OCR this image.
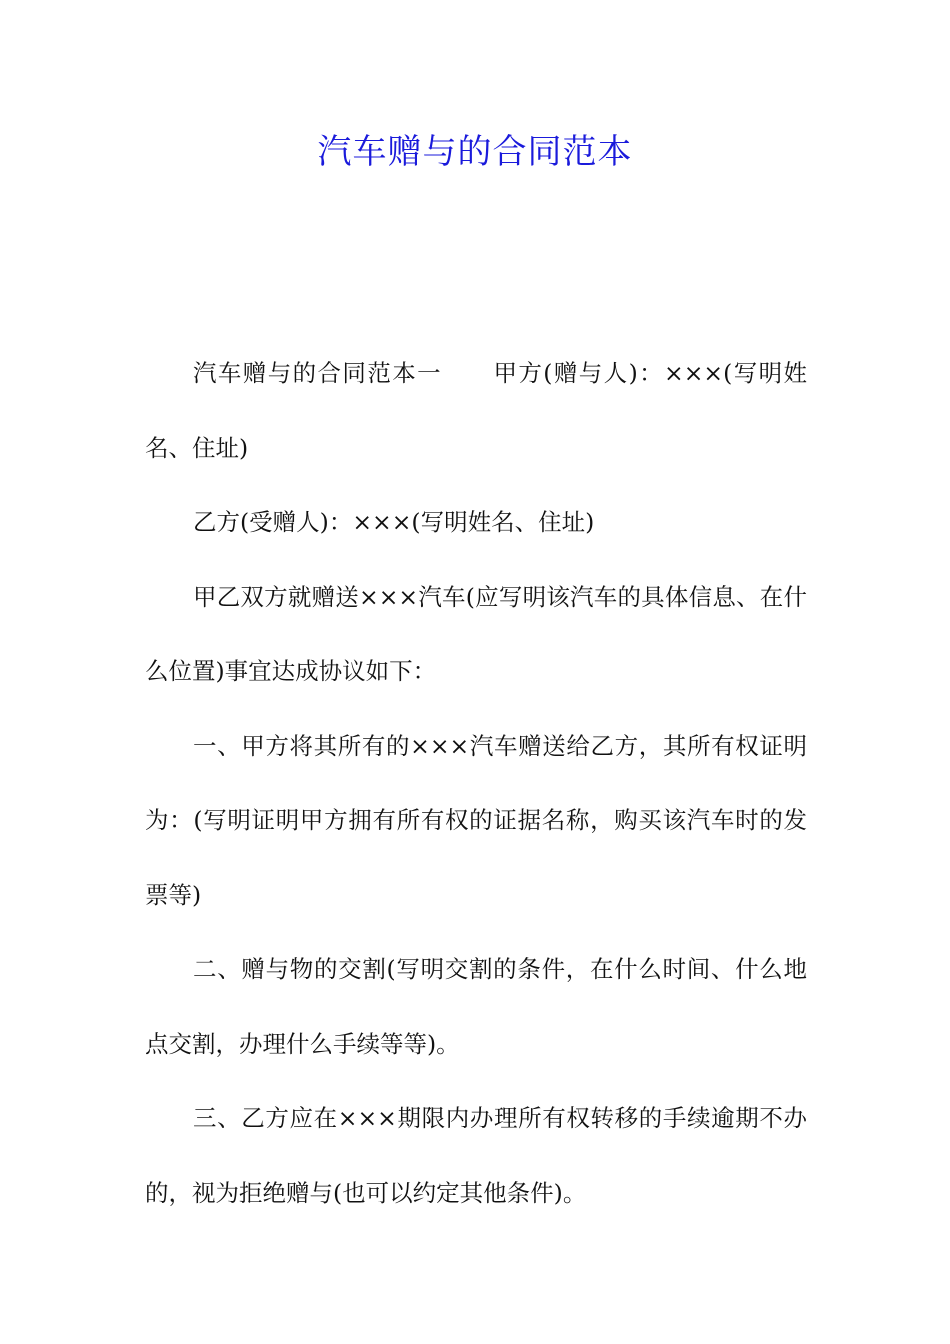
汽车赠与的合同范本

汽车赠与的合同范本一 甲方(赠与人)：×××(写明姓名、住址)

乙方(受赠人)：×××(写明姓名、住址)

甲乙双方就赠送×××汽车(应写明该汽车的具体信息、在什么位置)事宜达成协议如下：

一、甲方将其所有的×××汽车赠送给乙方，其所有权证明为：(写明证明甲方拥有所有权的证据名称，购买该汽车时的发票等)

二、赠与物的交割(写明交割的条件，在什么时间、什么地点交割，办理什么手续等等)。

三、乙方应在×××期限内办理所有权转移的手续逾期不办的，视为拒绝赠与(也可以约定其他条件)。
